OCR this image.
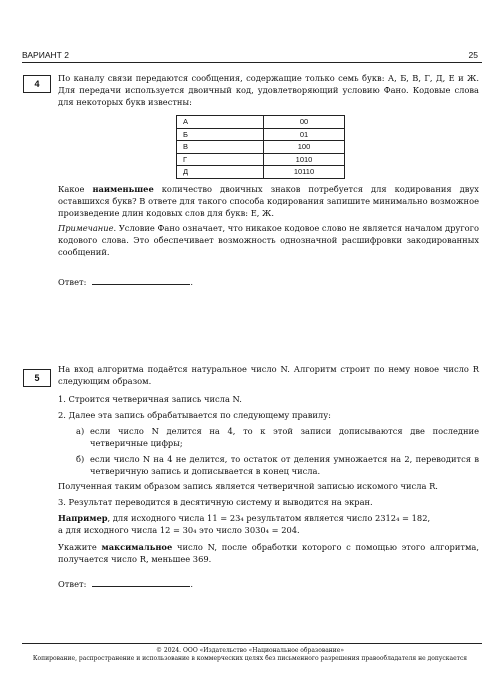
ВАРИАНТ 2	25
4

По каналу связи передаются сообщения, содержащие только семь букв: А, Б, В, Г, Д, Е и Ж. Для передачи используется двоичный код, удовлетворяющий условию Фано. Кодовые слова для некоторых букв известны:

А	00
Б	01
В	100
Г	1010
Д	10110

Какое наименьшее количество двоичных знаков потребуется для кодирования двух оставшихся букв? В ответе для такого способа кодирования запишите минимально возможное произведение длин кодовых слов для букв: Е, Ж.

Примечание. Условие Фано означает, что никакое кодовое слово не является началом другого кодового слова. Это обеспечивает возможность однозначной расшифровки закодированных сообщений.

Ответ:	.
5

На вход алгоритма подаётся натуральное число N. Алгоритм строит по нему новое число R следующим образом.

1. Строится четверичная запись числа N.
2. Далее эта запись обрабатывается по следующему правилу:
а) если число N делится на 4, то к этой записи дописываются две последние четверичные цифры;
б) если число N на 4 не делится, то остаток от деления умножается на 2, переводится в четверичную запись и дописывается в конец числа.
Полученная таким образом запись является четверичной записью искомого числа R.
3. Результат переводится в десятичную систему и выводится на экран.
Например, для исходного числа 11 = 23₄ результатом является число 2312₄ = 182,
а для исходного числа 12 = 30₄ это число 3030₄ = 204.
Укажите максимальное число N, после обработки которого с помощью этого алгоритма, получается число R, меньшее 369.
Ответ:	.
© 2024. ООО «Издательство «Национальное образование»
Копирование, распространение и использование в коммерческих целях без письменного разрешения правообладателя не допускается
